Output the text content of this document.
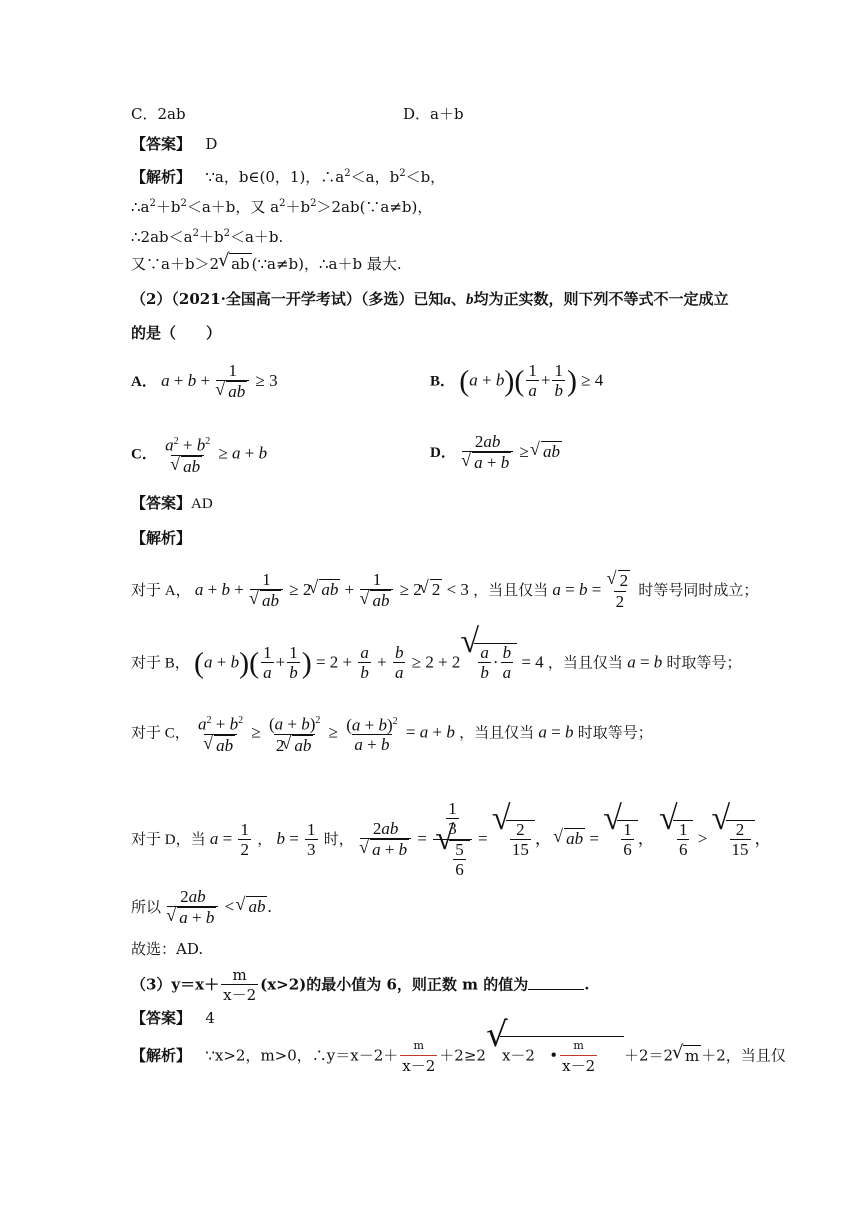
C．2ab	D．a＋b
【答案】 D
【解析】 ∵a，b∈(0，1)，$\therefore a^2<a$，$b^2<b$，
$\therefore a^2+b^2<a+b$，又 $a^2+b^2>2ab(\because a\ne b)$，
$\therefore 2ab<a^2+b^2<a+b$.
又∵a＋b＞2√ ab (∵a≠b)，∴a＋b 最大.
（2）（2021·全国高一开学考试）（多选）已知a、b均为正实数，则下列不等式不一定成立
的是（　　）
A． a + b + 1
√ ab ≥ 3	B． $(a + b)( \frac{1}{a} + \frac{1}{b}$ ) ≥ 4
C． $a^2 + b^2$
√ ab ≥ a + b	D． 2ab
√ a + b ≥ √ ab
【答案】AD
【解析】
对于 A， a + b + 1
√ ab ≥ 2√ ab + 1
√ ab ≥ 2√ 2 < 3 ，当且仅当 a = b =
√ $\frac{2}{2}$ 时等号同时成立；
对于 B， $(a + b)( \frac{1}{a} + \frac{1}{b}$ ) = $2 + \frac{a}{b} + \frac{b}{a} \ge 2 + 2$
√ $\frac{a}{b} \cdot \frac{b}{a} = 4$ ，当且仅当 a = b 时取等号；
对于 C， $a^2 + b^2$
√ ab ≥ $\frac{(a + b)^2}{2√ ab} \ge \frac{(a + b)^2}{a + b} = a + b$ ，当且仅当 a = b 时取等号；
对于 D，当 $a = \frac{1}{2}$ ， $b = \frac{1}{3}$ 时， 2ab
√ $a + b = \frac{1}{3}$
√ $\frac{5}{6}$ =
√ $\frac{2}{15}$ ， √ ab =
√ $\frac{1}{6}$ ，
√ $\frac{1}{6}$ >
√ $\frac{2}{15}$ ，
所以 2ab
√ a + b < √ ab .
故选：AD.
$(3)y=x+ \frac{m}{x-2} (x>2)$的最小值为 6，则正数 m 的值为	.
【答案】 4
【解析】 ∵x>2，m>0，∴y＝x－2＋ $\frac{m}{x-2} +2\ge 2√$ x－2 • $\frac{m}{x-2} +2=2√$ m ＋2，当且仅
